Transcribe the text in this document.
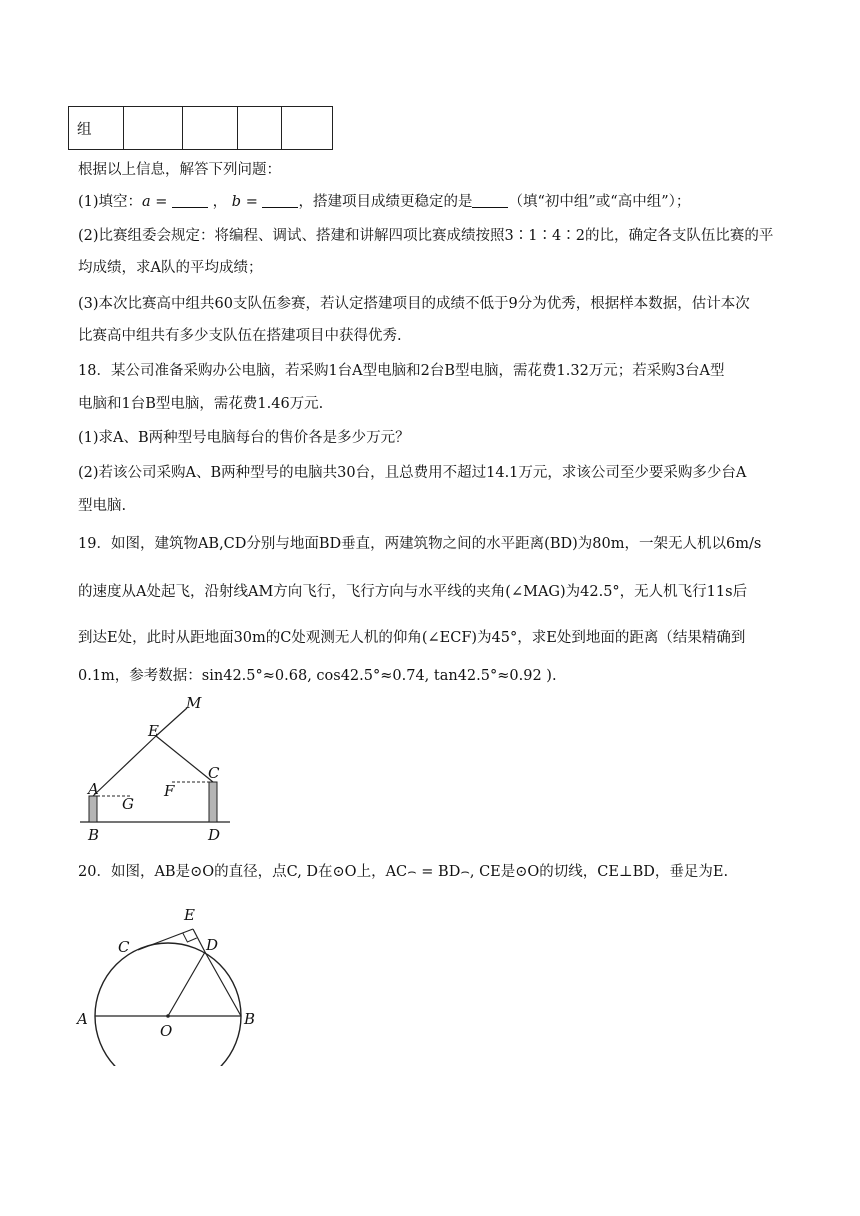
组				
根据以上信息，解答下列问题：
(1)填空：a =  ， b = ，搭建项目成绩更稳定的是 （填“初中组”或“高中组”）；
(2)比赛组委会规定：将编程、调试、搭建和讲解四项比赛成绩按照3∶1∶4∶2的比，确定各支队伍比赛的平
均成绩，求A队的平均成绩；
(3)本次比赛高中组共60支队伍参赛，若认定搭建项目的成绩不低于9分为优秀，根据样本数据，估计本次
比赛高中组共有多少支队伍在搭建项目中获得优秀.
18．某公司准备采购办公电脑，若采购1台A型电脑和2台B型电脑，需花费1.32万元；若采购3台A型
电脑和1台B型电脑，需花费1.46万元.
(1)求A、B两种型号电脑每台的售价各是多少万元？
(2)若该公司采购A、B两种型号的电脑共30台，且总费用不超过14.1万元，求该公司至少要采购多少台A
型电脑.
19．如图，建筑物AB,CD分别与地面BD垂直，两建筑物之间的水平距离(BD)为80m，一架无人机以6m/s
的速度从A处起飞，沿射线AM方向飞行，飞行方向与水平线的夹角(∠MAG)为42.5°，无人机飞行11s后
到达E处，此时从距地面30m的C处观测无人机的仰角(∠ECF)为45°，求E处到地面的距离（结果精确到
0.1m，参考数据：sin42.5°≈0.68, cos42.5°≈0.74, tan42.5°≈0.92 ).
M
E
A
C
G
F
B	D
20．如图，AB是⊙O的直径，点C, D在⊙O上，AC⌢ = BD⌢, CE是⊙O的切线，CE⊥BD，垂足为E.
E
C	D
A
O
B
